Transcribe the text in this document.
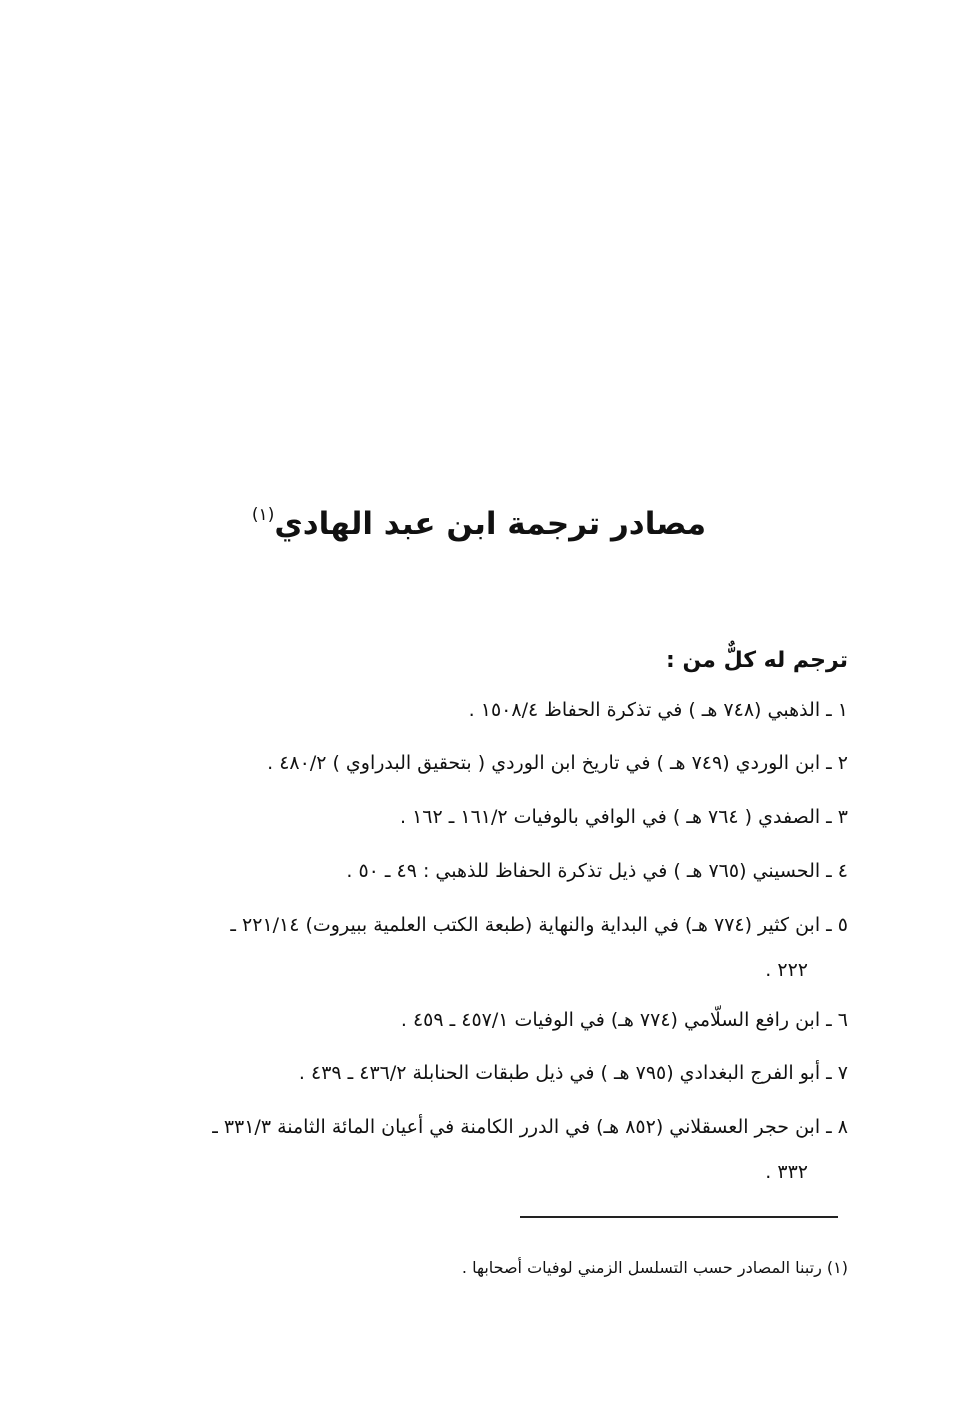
مصادر ترجمة ابن عبد الهادي$^{(١)}$
ترجم له كلٌّ من :
١ ـ الذهبي (٧٤٨ هـ ) في تذكرة الحفاظ ١٥٠٨/٤ .
٢ ـ ابن الوردي (٧٤٩ هـ ) في تاريخ ابن الوردي ( بتحقيق البدراوي ) ٤٨٠/٢ .
٣ ـ الصفدي ( ٧٦٤ هـ ) في الوافي بالوفيات ١٦١/٢ ـ ١٦٢ .
٤ ـ الحسيني (٧٦٥ هـ ) في ذيل تذكرة الحفاظ للذهبي : ٤٩ ـ ٥٠ .
٥ ـ ابن كثير (٧٧٤ هـ) في البداية والنهاية (طبعة الكتب العلمية ببيروت) ٢٢١/١٤ ـ
٢٢٢ .
٦ ـ ابن رافع السلّامي (٧٧٤ هـ) في الوفيات ٤٥٧/١ ـ ٤٥٩ .
٧ ـ أبو الفرج البغدادي (٧٩٥ هـ ) في ذيل طبقات الحنابلة ٤٣٦/٢ ـ ٤٣٩ .
٨ ـ ابن حجر العسقلاني (٨٥٢ هـ) في الدرر الكامنة في أعيان المائة الثامنة ٣٣١/٣ ـ
٣٣٢ .
(١) رتبنا المصادر حسب التسلسل الزمني لوفيات أصحابها .
